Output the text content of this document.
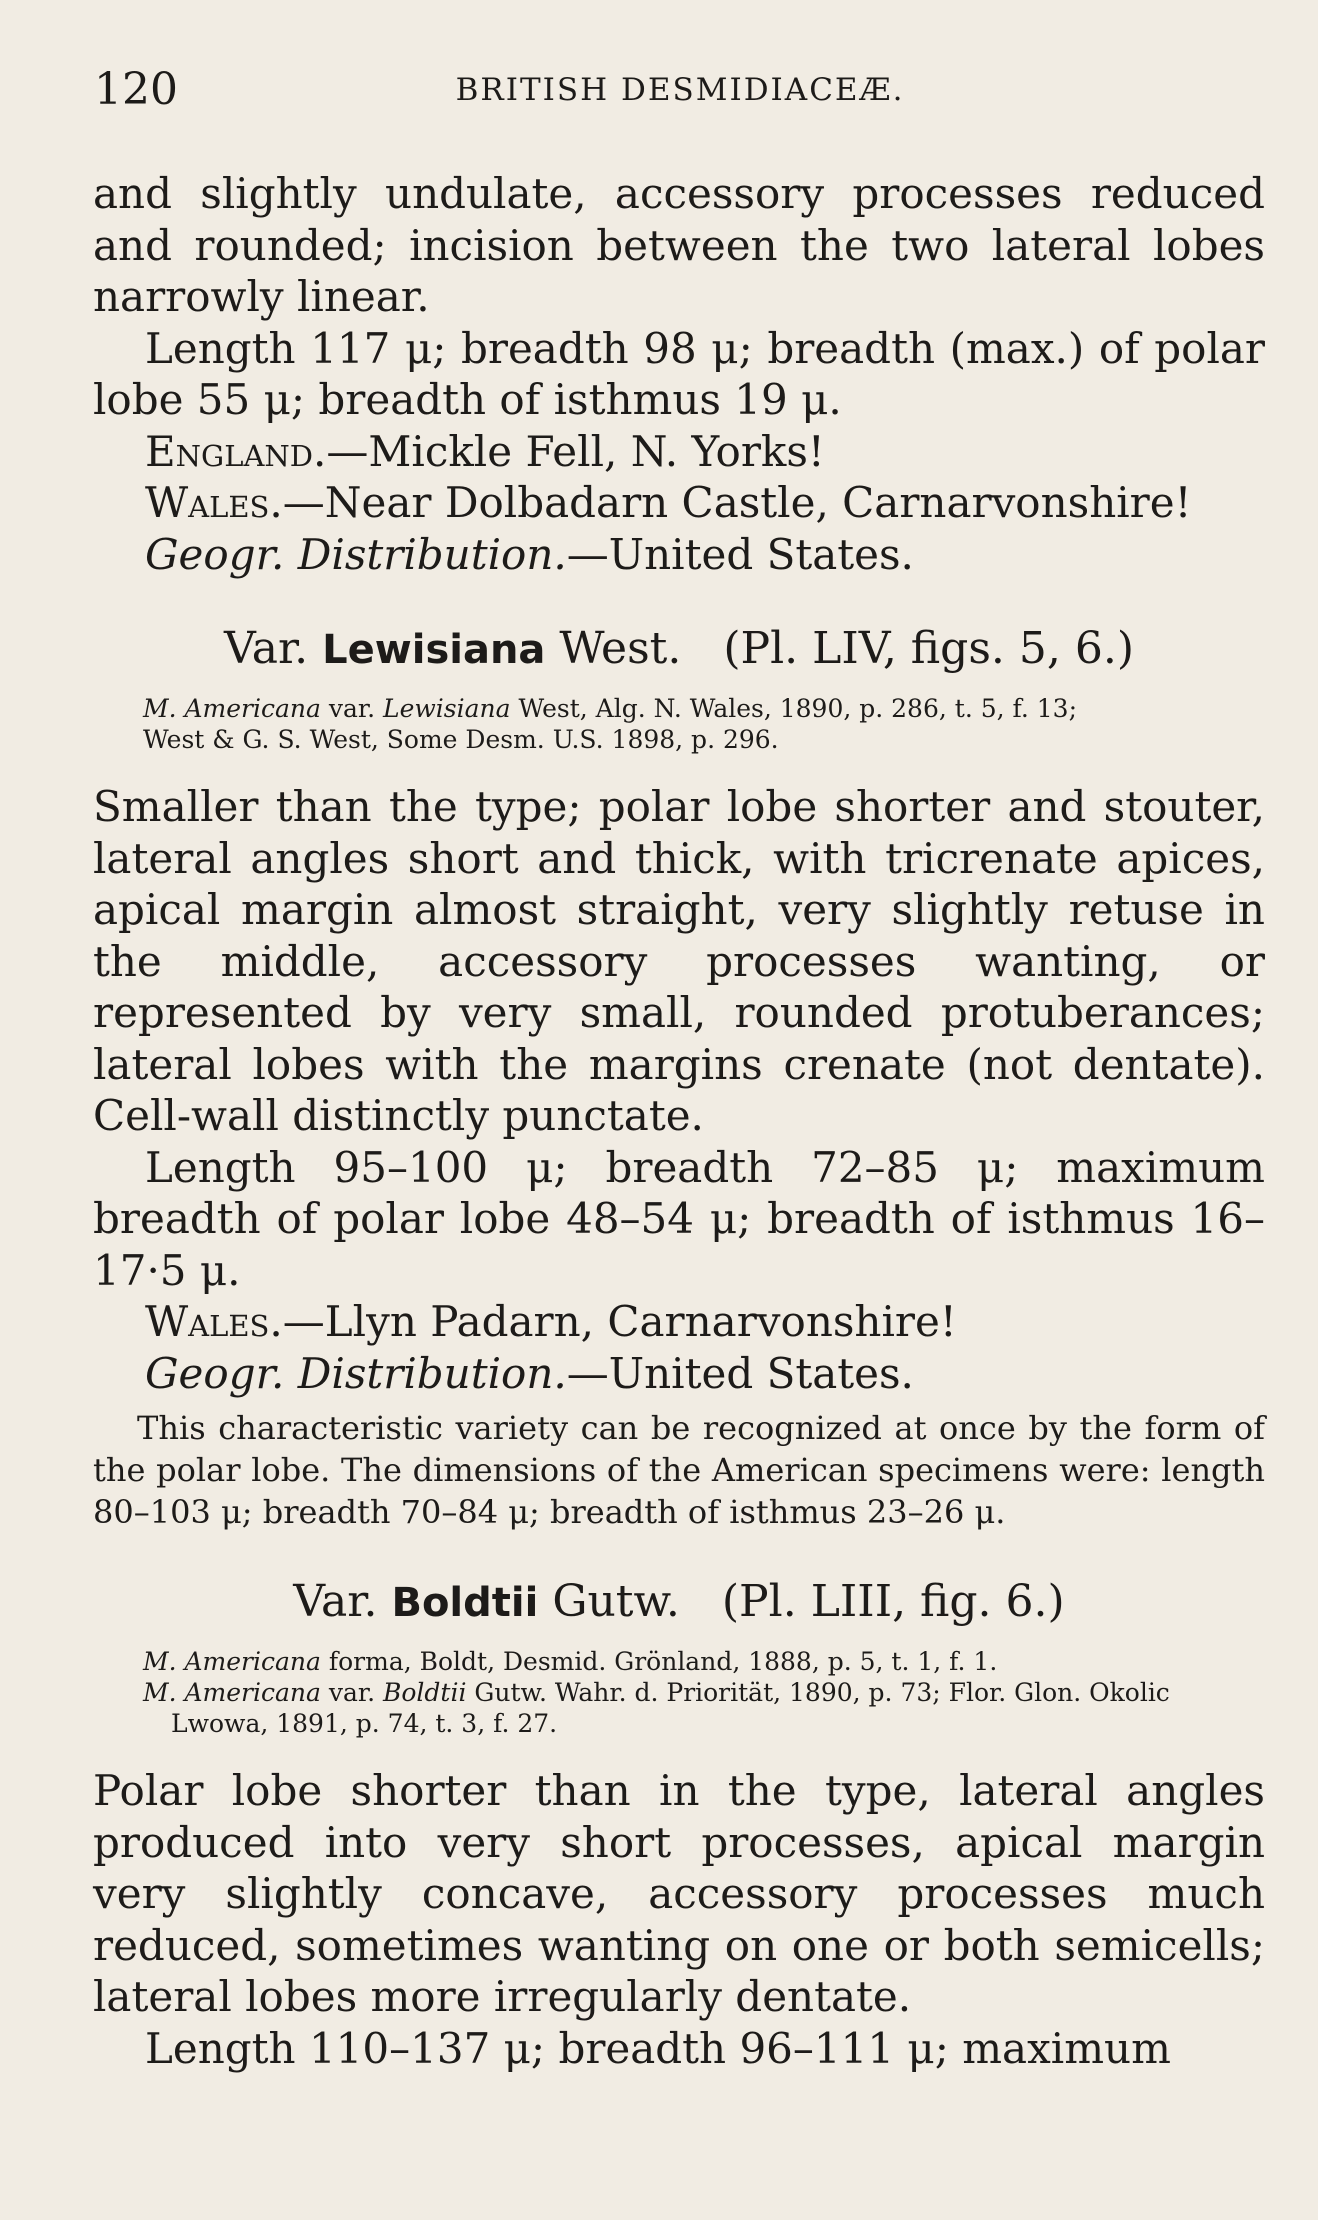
120	BRITISH DESMIDIACEÆ.

and slightly undulate, accessory processes reduced and rounded; incision between the two lateral lobes narrowly linear.

Length 117 μ; breadth 98 μ; breadth (max.) of polar lobe 55 μ; breadth of isthmus 19 μ.

England.—Mickle Fell, N. Yorks!

Wales.—Near Dolbadarn Castle, Carnarvonshire!

Geogr. Distribution.—United States.

Var. Lewisiana West. (Pl. LIV, figs. 5, 6.)
M. Americana var. Lewisiana West, Alg. N. Wales, 1890, p. 286, t. 5, f. 13;
West & G. S. West, Some Desm. U.S. 1898, p. 296.

Smaller than the type; polar lobe shorter and stouter, lateral angles short and thick, with tricrenate apices, apical margin almost straight, very slightly retuse in the middle, accessory processes wanting, or represented by very small, rounded protuberances; lateral lobes with the margins crenate (not dentate). Cell-wall distinctly punctate.

Length 95–100 μ; breadth 72–85 μ; maximum breadth of polar lobe 48–54 μ; breadth of isthmus 16–17·5 μ.

Wales.—Llyn Padarn, Carnarvonshire!

Geogr. Distribution.—United States.

This characteristic variety can be recognized at once by the form of the polar lobe. The dimensions of the American specimens were: length 80–103 μ; breadth 70–84 μ; breadth of isthmus 23–26 μ.

Var. Boldtii Gutw. (Pl. LIII, fig. 6.)
M. Americana forma, Boldt, Desmid. Grönland, 1888, p. 5, t. 1, f. 1.
M. Americana var. Boldtii Gutw. Wahr. d. Priorität, 1890, p. 73; Flor. Glon. Okolic Lwowa, 1891, p. 74, t. 3, f. 27.

Polar lobe shorter than in the type, lateral angles produced into very short processes, apical margin very slightly concave, accessory processes much reduced, sometimes wanting on one or both semicells; lateral lobes more irregularly dentate.

Length 110–137 μ; breadth 96–111 μ; maximum
